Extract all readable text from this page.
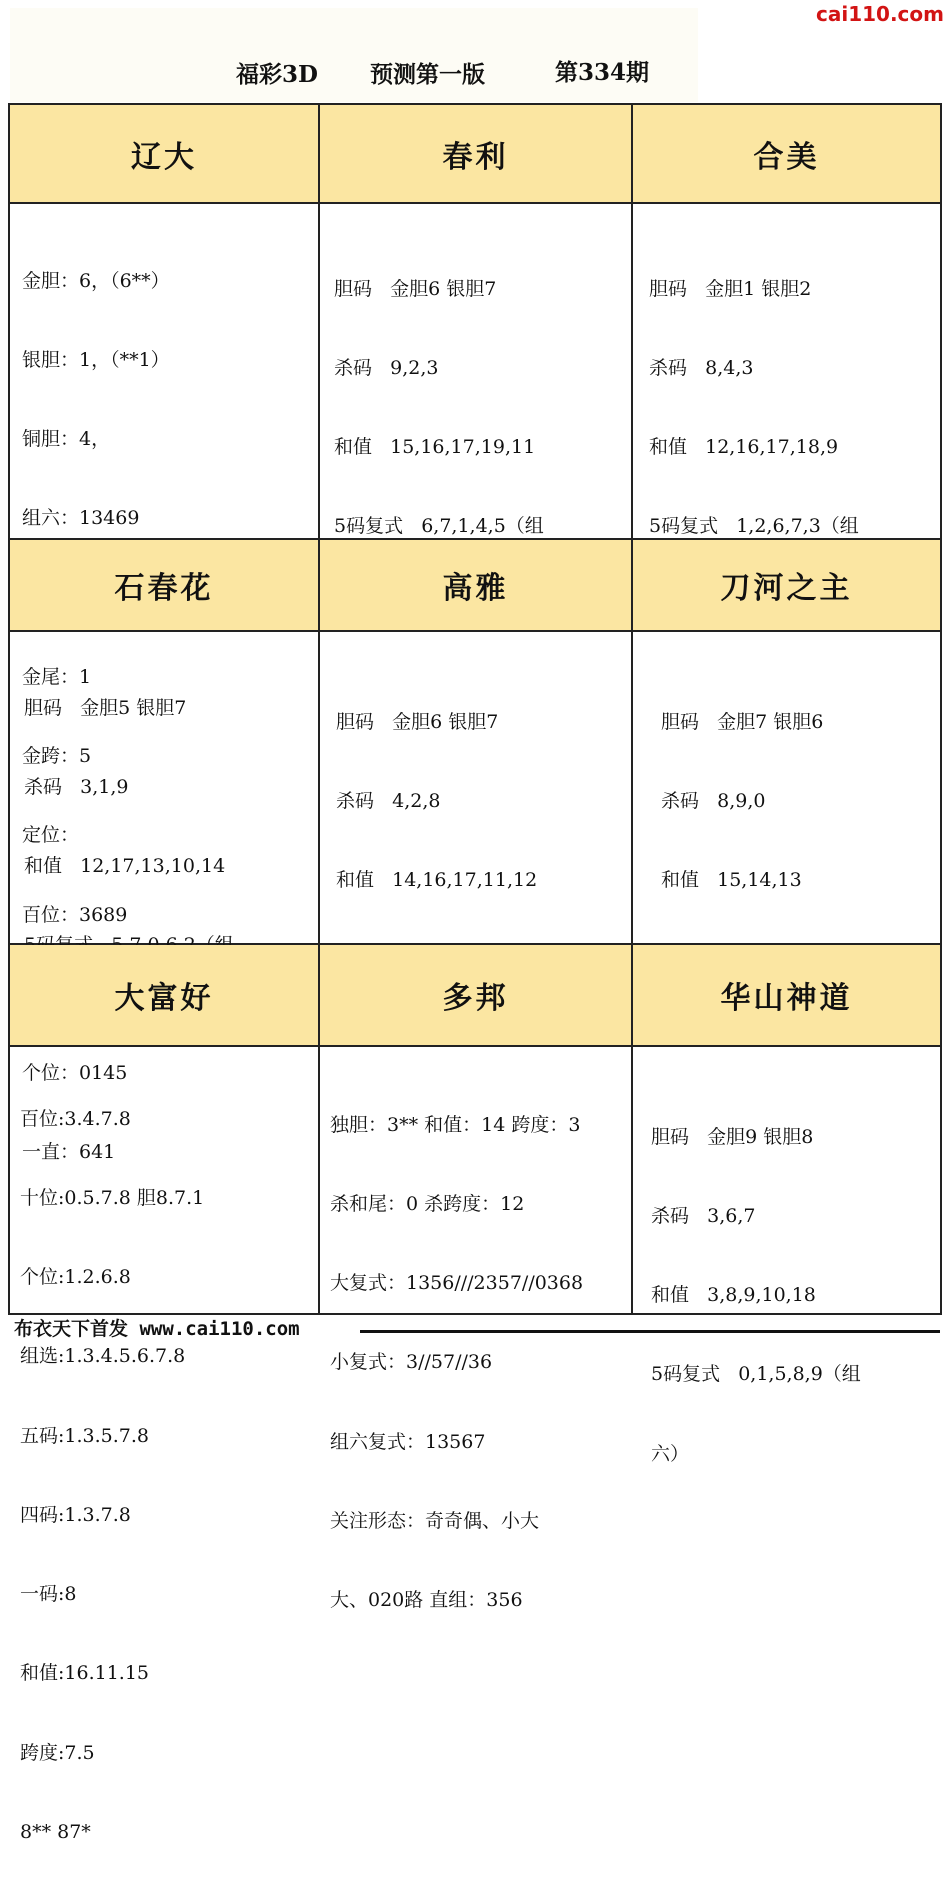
cai110.com
福彩3D 预测第一版	第334期
辽大

金胆：6，（6**）

银胆：1，（**1）

铜胆：4，

组六：13469

金尾：1

金跨：5

定位：

百位：3689

个位：0145

一直：641

春利

胆码   金胆6 银胆7

杀码   9,2,3

和值   15,16,17,19,11

5码复式   6,7,1,4,5（组

合美

胆码   金胆1 银胆2

杀码   8,4,3

和值   12,16,17,18,9

5码复式   1,2,6,7,3（组

石春花

胆码   金胆5 银胆7

杀码   3,1,9

和值   12,17,13,10,14

高雅

胆码   金胆6 银胆7

杀码   4,2,8

和值   14,16,17,11,12

刀河之主

胆码   金胆7 银胆6

杀码   8,9,0

和值   15,14,13

大富好

百位:3.4.7.8

十位:0.5.7.8 胆8.7.1

个位:1.2.6.8

组选:1.3.4.5.6.7.8

五码:1.3.5.7.8

四码:1.3.7.8

一码:8

和值:16.11.15

跨度:7.5

8** 87*

多邦

独胆：3** 和值：14 跨度：3

杀和尾：0 杀跨度：12

大复式：1356///2357//0368

小复式：3//57//36

组六复式：13567

关注形态：奇奇偶、小大

大、020路 直组：356

华山神道

胆码   金胆9 银胆8

杀码   3,6,7

和值   3,8,9,10,18

5码复式   0,1,5,8,9（组

六）

布衣天下首发 www.cai110.com
